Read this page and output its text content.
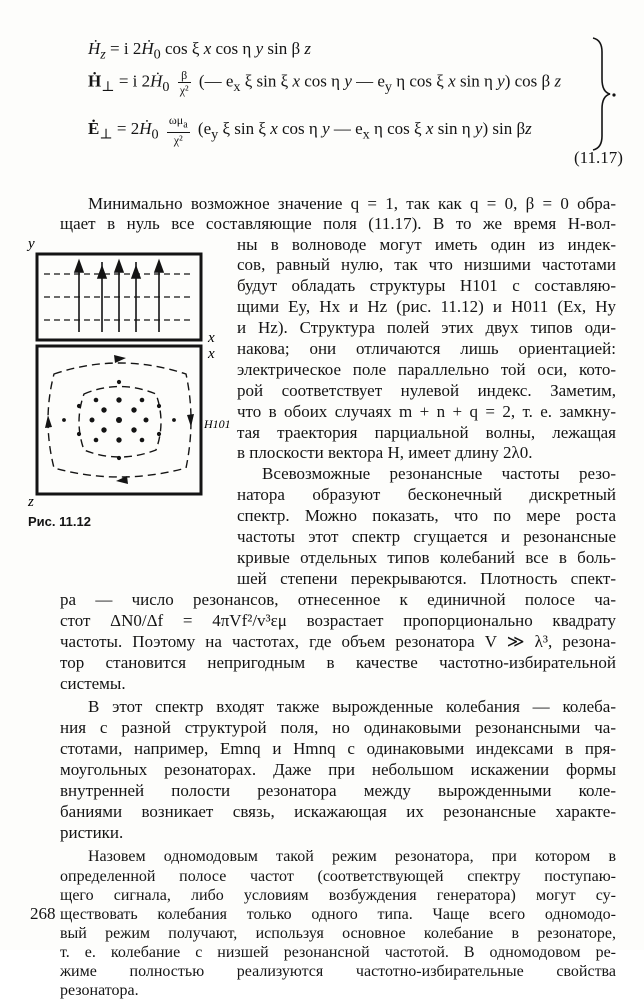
Ḣ$_z$ = i 2Ḣ$_0$ cos ξ x cos η y sin β z
Ḣ$_\perp$ = i 2Ḣ$_0$ $\frac{\beta}{\text{χ²}}$ (— $e_x$ ξ sin ξ x cos η y — $e_y$ η cos ξ x sin η y) cos β z
$Ė_\perp$ = 2Ḣ$_0$ $\frac{\omega\mu_a}{\text{χ²}} (e_y$ ξ sin ξ x cos η y — $e_x$ η cos ξ x sin η y) sin βz
(11.17)
Минимально возможное значение q = 1, так как q = 0, β = 0 обра-
щает в нуль все составляющие поля (11.17). В то же время H-вол-
ны в волноводе могут иметь один из индек-
сов, равный нулю, так что низшими частотами
будут обладать структуры H101 с составляю-
щими Ey, Hx и Hz (рис. 11.12) и H011 (Ex, Hy
и Hz). Структура полей этих двух типов оди-
накова; они отличаются лишь ориентацией:
электрическое поле параллельно той оси, кото-
рой соответствует нулевой индекс. Заметим,
что в обоих случаях m + n + q = 2, т. е. замкну-
тая траектория парциальной волны, лежащая
в плоскости вектора H, имеет длину 2λ0.
Всевозможные резонансные частоты резо-
натора образуют бесконечный дискретный
спектр. Можно показать, что по мере роста
частоты этот спектр сгущается и резонансные
кривые отдельных типов колебаний все в боль-
шей степени перекрываются. Плотность спект-
ра — число резонансов, отнесенное к единичной полосе ча-
стот ΔN0/Δf = 4πVf²/v³εμ возрастает пропорционально квадрату
частоты. Поэтому на частотах, где объем резонатора V ≫ λ³, резона-
тор становится непригодным в качестве частотно-избирательной
системы.
В этот спектр входят также вырожденные колебания — колеба-
ния с разной структурой поля, но одинаковыми резонансными ча-
стотами, например, Emnq и Hmnq с одинаковыми индексами в пря-
моугольных резонаторах. Даже при небольшом искажении формы
внутренней полости резонатора между вырожденными коле-
баниями возникает связь, искажающая их резонансные характе-
ристики.
Назовем одномодовым такой режим резонатора, при котором в
определенной полосе частот (соответствующей спектру поступаю-
щего сигнала, либо условиям возбуждения генератора) могут су-
ществовать колебания только одного типа. Чаще всего одномодо-
вый режим получают, используя основное колебание в резонаторе,
т. е. колебание с низшей резонансной частотой. В одномодовом ре-
жиме полностью реализуются частотно-избирательные свойства
резонатора.
y
x
x
H101
z
Рис. 11.12
268
